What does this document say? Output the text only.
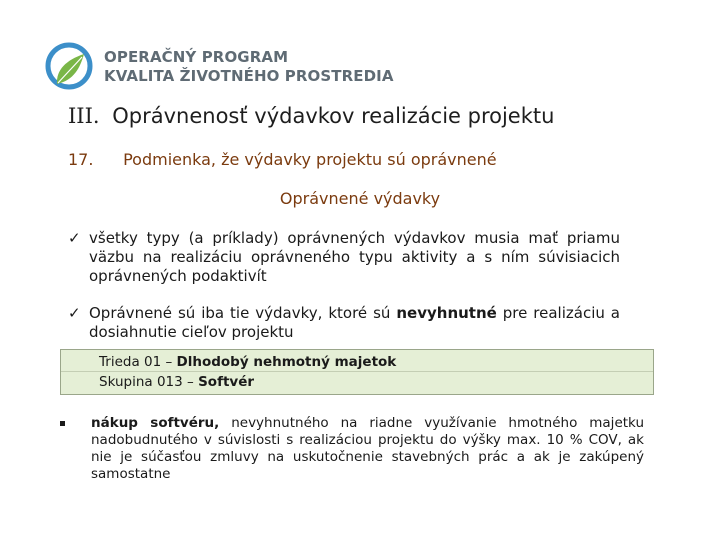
OPERAČNÝ PROGRAM
KVALITA ŽIVOTNÉHO PROSTREDIA
III. Oprávnenosť výdavkov realizácie projektu
17. Podmienka, že výdavky projektu sú oprávnené
Oprávnené výdavky
✓ všetky typy (a príklady) oprávnených výdavkov musia mať priamu väzbu na realizáciu oprávneného typu aktivity a s ním súvisiacich oprávnených podaktivít
✓ Oprávnené sú iba tie výdavky, ktoré sú nevyhnutné pre realizáciu a dosiahnutie cieľov projektu
Trieda 01 – Dlhodobý nehmotný majetok
Skupina 013 – Softvér
nákup softvéru, nevyhnutného na riadne využívanie hmotného majetku nadobudnutého v súvislosti s realizáciou projektu do výšky max. 10 % COV, ak nie je súčasťou zmluvy na uskutočnenie stavebných prác a ak je zakúpený samostatne
